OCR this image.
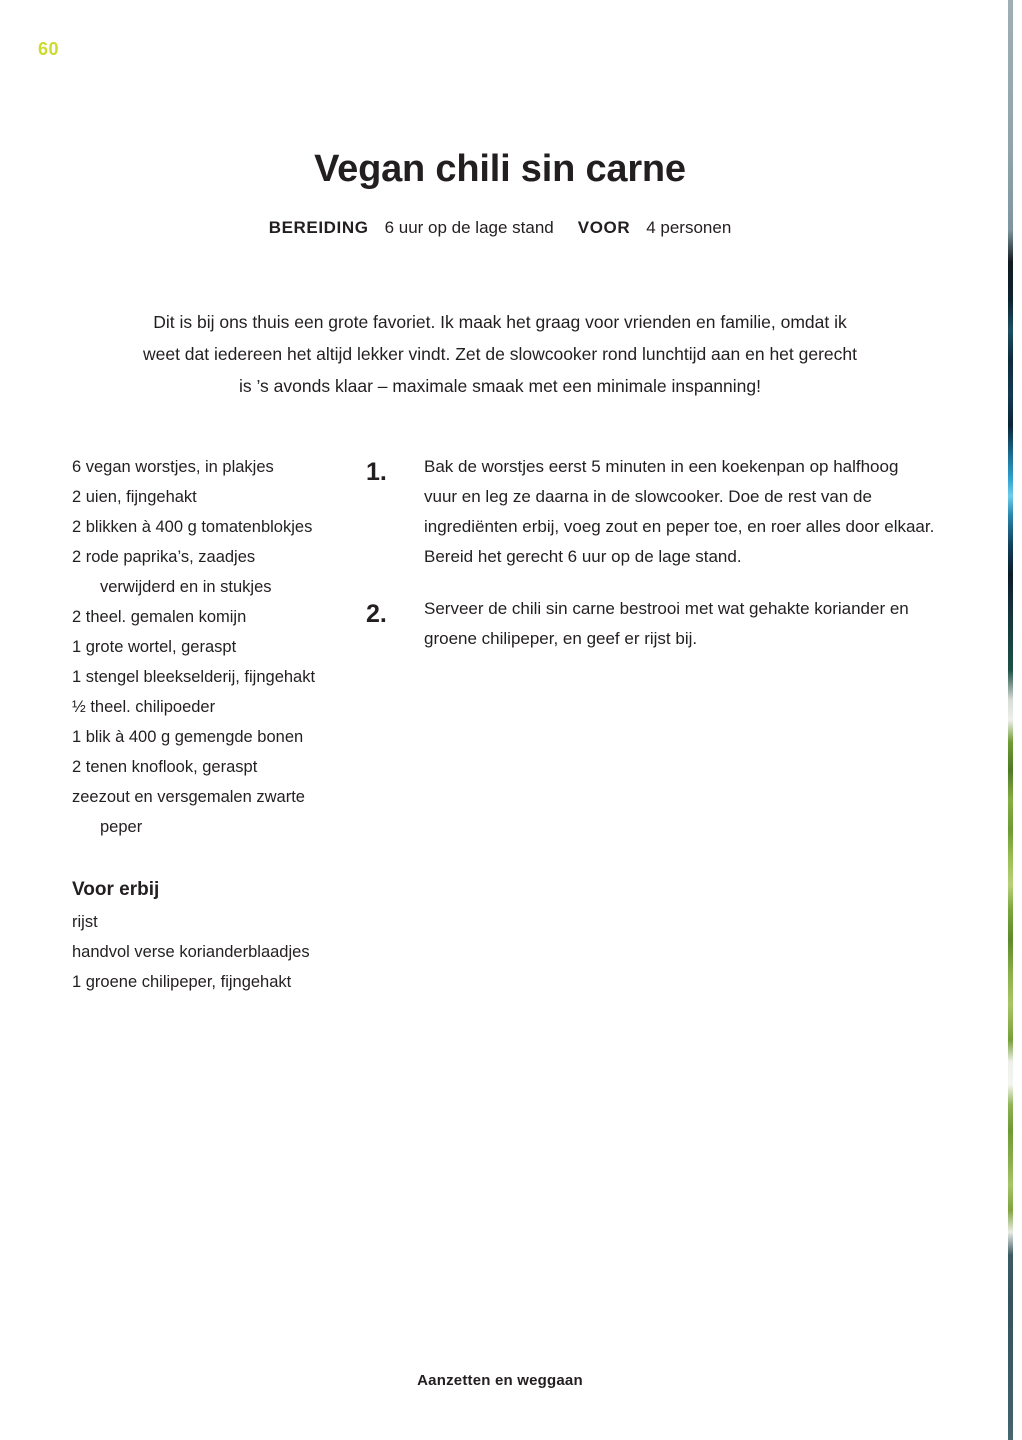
60
Vegan chili sin carne
BEREIDING 6 uur op de lage stand VOOR 4 personen

Dit is bij ons thuis een grote favoriet. Ik maak het graag voor vrienden en familie, omdat ik weet dat iedereen het altijd lekker vindt. Zet de slowcooker rond lunchtijd aan en het gerecht is ’s avonds klaar – maximale smaak met een minimale inspanning!

6 vegan worstjes, in plakjes
2 uien, fijngehakt
2 blikken à 400 g tomatenblokjes
2 rode paprika’s, zaadjes
verwijderd en in stukjes
2 theel. gemalen komijn
1 grote wortel, geraspt
1 stengel bleekselderij, fijngehakt
½ theel. chilipoeder
1 blik à 400 g gemengde bonen
2 tenen knoflook, geraspt
zeezout en versgemalen zwarte
peper
Voor erbij
rijst
handvol verse korianderblaadjes
1 groene chilipeper, fijngehakt
1.	Bak de worstjes eerst 5 minuten in een koekenpan op halfhoog vuur en leg ze daarna in de slowcooker. Doe de rest van de ingrediënten erbij, voeg zout en peper toe, en roer alles door elkaar. Bereid het gerecht 6 uur op de lage stand.
2.	Serveer de chili sin carne bestrooi met wat gehakte koriander en groene chilipeper, en geef er rijst bij.
Aanzetten en weggaan
